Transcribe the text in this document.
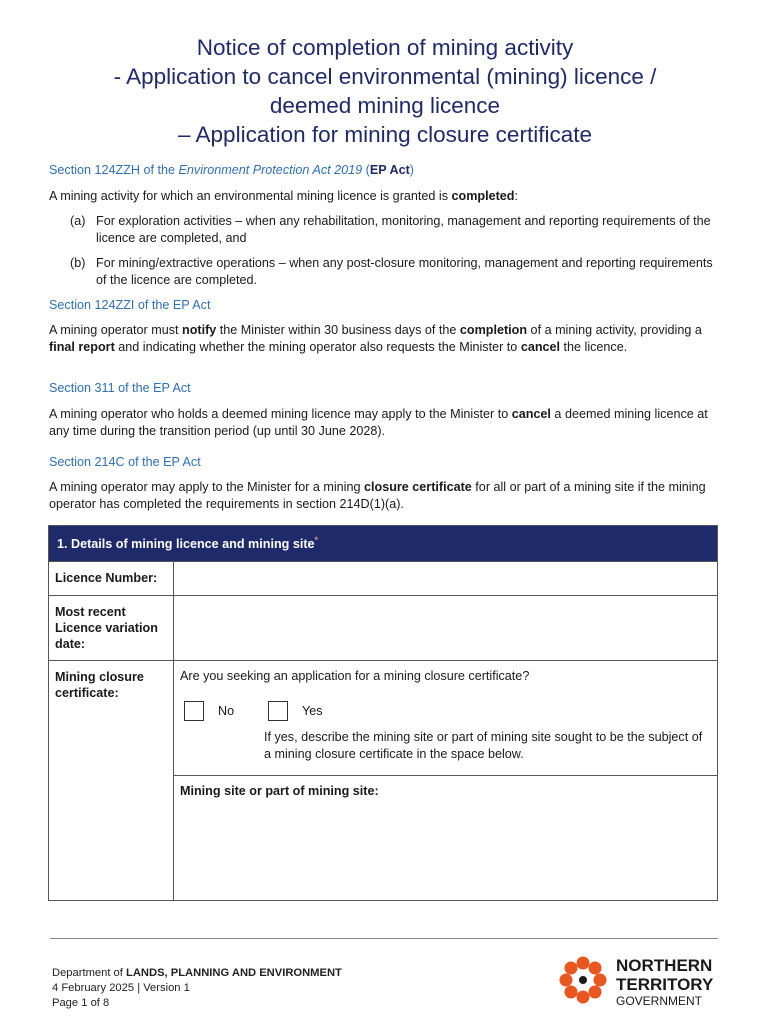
Notice of completion of mining activity
- Application to cancel environmental (mining) licence /
deemed mining licence
– Application for mining closure certificate
Section 124ZZH of the Environment Protection Act 2019 (EP Act)
A mining activity for which an environmental mining licence is granted is completed:
(a) For exploration activities – when any rehabilitation, monitoring, management and reporting requirements of the licence are completed, and
(b) For mining/extractive operations – when any post-closure monitoring, management and reporting requirements of the licence are completed.
Section 124ZZI of the EP Act
A mining operator must notify the Minister within 30 business days of the completion of a mining activity, providing a final report and indicating whether the mining operator also requests the Minister to cancel the licence.
Section 311 of the EP Act
A mining operator who holds a deemed mining licence may apply to the Minister to cancel a deemed mining licence at any time during the transition period (up until 30 June 2028).
Section 214C of the EP Act
A mining operator may apply to the Minister for a mining closure certificate for all or part of a mining site if the mining operator has completed the requirements in section 214D(1)(a).
1. Details of mining licence and mining site*
Licence Number:	
Most recent Licence variation date:	
Mining closure certificate:	Are you seeking an application for a mining closure certificate?
No Yes
If yes, describe the mining site or part of mining site sought to be the subject of a mining closure certificate in the space below.

	Mining site or part of mining site:
Department of LANDS, PLANNING AND ENVIRONMENT
4 February 2025 | Version 1
Page 1 of 8
NORTHERN
TERRITORY
GOVERNMENT
